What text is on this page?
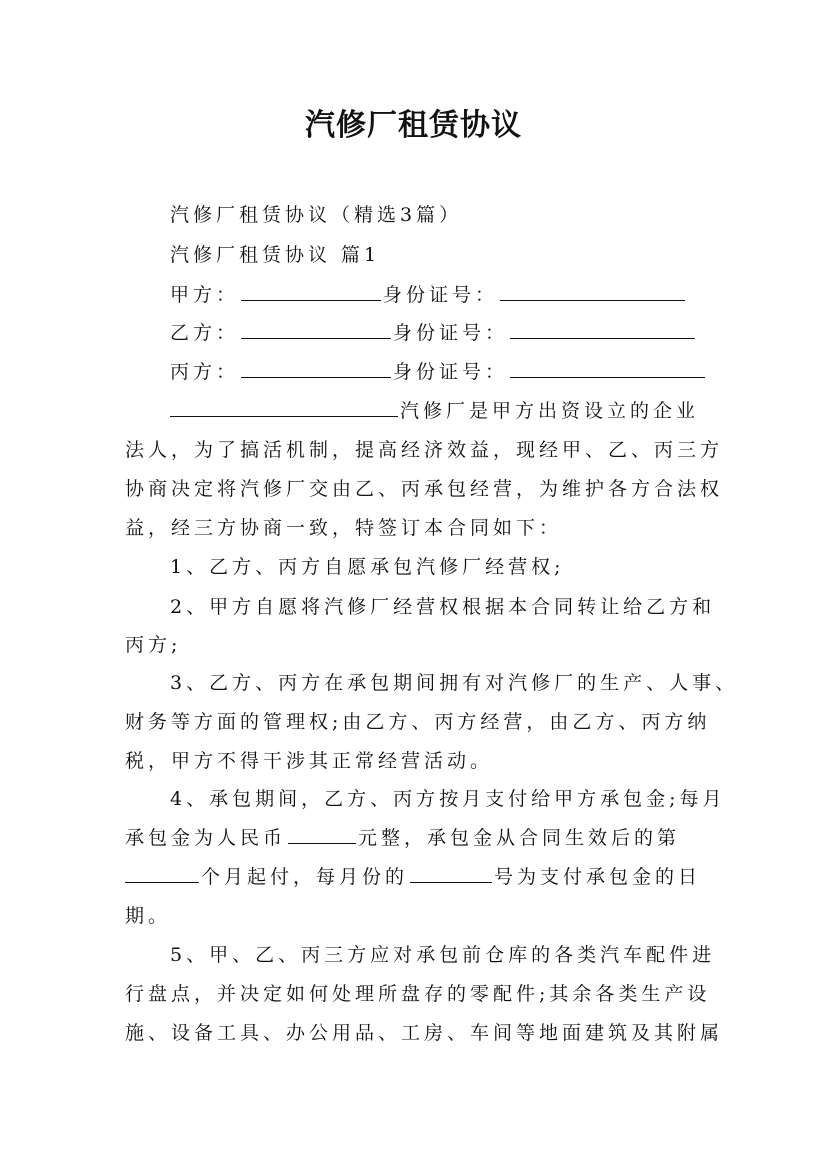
汽修厂租赁协议
汽修厂租赁协议（精选3篇）
汽修厂租赁协议 篇1
甲方：	身份证号：
乙方：	身份证号：
丙方：	身份证号：
汽修厂是甲方出资设立的企业
法人，为了搞活机制，提高经济效益，现经甲、乙、丙三方
协商决定将汽修厂交由乙、丙承包经营，为维护各方合法权
益，经三方协商一致，特签订本合同如下：
1、乙方、丙方自愿承包汽修厂经营权;
2、甲方自愿将汽修厂经营权根据本合同转让给乙方和
丙方;
3、乙方、丙方在承包期间拥有对汽修厂的生产、人事、
财务等方面的管理权;由乙方、丙方经营，由乙方、丙方纳
税，甲方不得干涉其正常经营活动。
4、承包期间，乙方、丙方按月支付给甲方承包金;每月
承包金为人民币	元整，承包金从合同生效后的第
个月起付，每月份的	号为支付承包金的日
期。
5、甲、乙、丙三方应对承包前仓库的各类汽车配件进
行盘点，并决定如何处理所盘存的零配件;其余各类生产设
施、设备工具、办公用品、工房、车间等地面建筑及其附属
